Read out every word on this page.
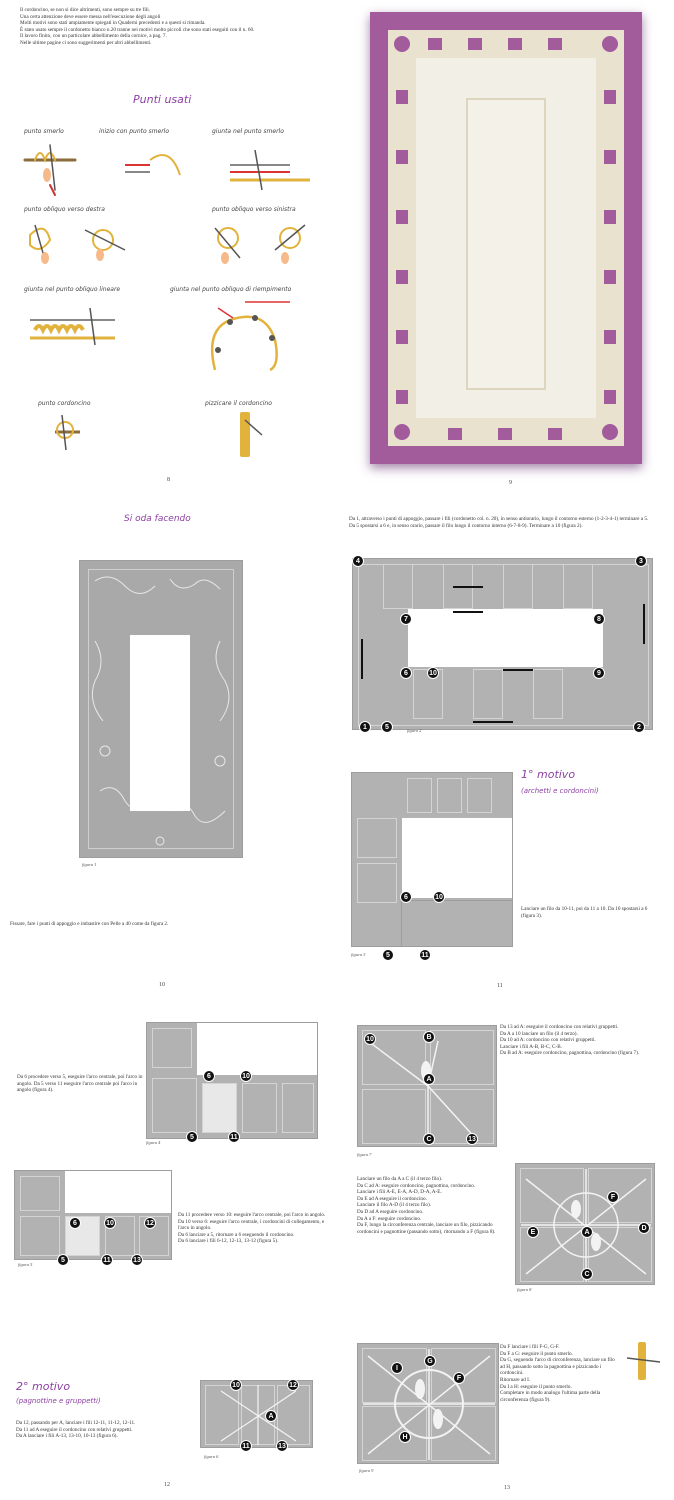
Il cordoncino, se non si dice altrimenti, sono sempre su tre fili.
Una certa attenzione deve essere messa nell'esecuzione degli angoli
Molti motivi sono stati ampiamente spiegati in Quaderni precedenti e a questi si rimanda.
È stato usato sempre il cordonetto bianco n.20 tranne nei motivi molto piccoli che sono stati eseguiti con il n. 60.
Il lavoro finito, con un particolare abbellimento della cornice, a pag. 7.
Nelle ultime pagine ci sono suggerimenti per altri abbellimenti.
Punti usati
punto smerlo	inizio con punto smerlo	giunta nel punto smerlo
punto obliquo verso destra	punto obliquo verso sinistra
giunta nel punto obliquo lineare	giunta nel punto obliquo di riempimento
punto cordoncino	pizzicare il cordoncino
8	9
Si oda facendo
figura 1
Fissare, fare i punti di appoggio e imbastire con Pelle a 40 come da figura 2.
10
Da 1, attraverso i punti di appoggio, passare i fili (cordonetto col. n. 20), in senso antiorario, lungo il contorno esterno (1-2-3-4-1) terminare a 5.
Da 5 spostarsi a 6 e, in senso orario, passare il filo lungo il contorno interno (6-7-8-9). Terminare a 10 (figura 2).
4	3
7	8
6	10	9
1	5	2
figura 2
1° motivo
(archetti e cordoncini)
6	10
5	11
figura 3
Lanciare un filo da 10-11, poi da 11 a 10. Da 10 spostarsi a 6 (figura 3).
11
Da 6 procedere verso 5, eseguire l'arco centrale, poi l'arco in angolo. Da 5 verso 11 eseguire l'arco centrale poi l'arco in angolo (figura 4).
6	10
5	11
figura 4
6	10	12
5	11	13
figura 5
Da 11 procedere verso 10: eseguire l'arco centrale, poi l'arco in angolo.
Da 10 verso 6: eseguire l'arco centrale, i cordoncini di collegamento, e l'arco in angolo.
Da 6 lanciare a 5, ritornare a 6 eseguendo il cordoncino.
Da 6 lanciare i fili 6-12, 12-13, 13-12 (figura 5).
2° motivo
(pagnottine e gruppetti)
Da 12, passando per A, lanciare i fili 12-11, 11-12, 12-11.
Da 11 ad A eseguire il cordoncino con relativi gruppetti.
Da A lanciare i fili A-13, 13-10, 10-13 (figura 6).
10	12
A
11	13
figura 6
12
10	B
A
C	13
figura 7
Da 13 ad A: eseguire il cordoncino con relativi gruppetti.
Da A a 10 lanciare un filo (il 4 terzo).
Da 10 ad A: cordoncino con relativi gruppetti.
Lanciare i fili A-B, B-C, C-B.
Da B ad A: eseguire cordoncino, pagnottina, cordoncino (figura 7).
Lanciare un filo da A a C (il 4 terzo filo).
Da C ad A: eseguire cordoncino, pagnottina, cordoncino.
Lanciare i fili A-E, E-A, A-D, D-A, A-E.
Da E ad A eseguire il cordoncino.
Lanciare il filo A-D (il 4 terzo filo).
Da D ad A eseguire cordoncino.
Da A a F: eseguire cordoncino.
Da F, lungo la circonferenza centrale, lanciare un filo, pizzicando cordoncini e pagnottine (passando sotto), ritornando a F (figura 8).
F
E	A
D
C
figura 8
G
I
F
H
figura 9
Da F lanciare i fili F-G, G-F.
Da F a G: eseguire il punto smerlo.
Da G, seguendo l'arco di circonferenza, lanciare un filo ad H, passando sotto la pagnottina e pizzicando i cordoncini.
Ritornare ad I.
Da I a H: eseguire il punto smerlo.
Completare in modo analogo l'ultima parte della circonferenza (figura 9).
13
